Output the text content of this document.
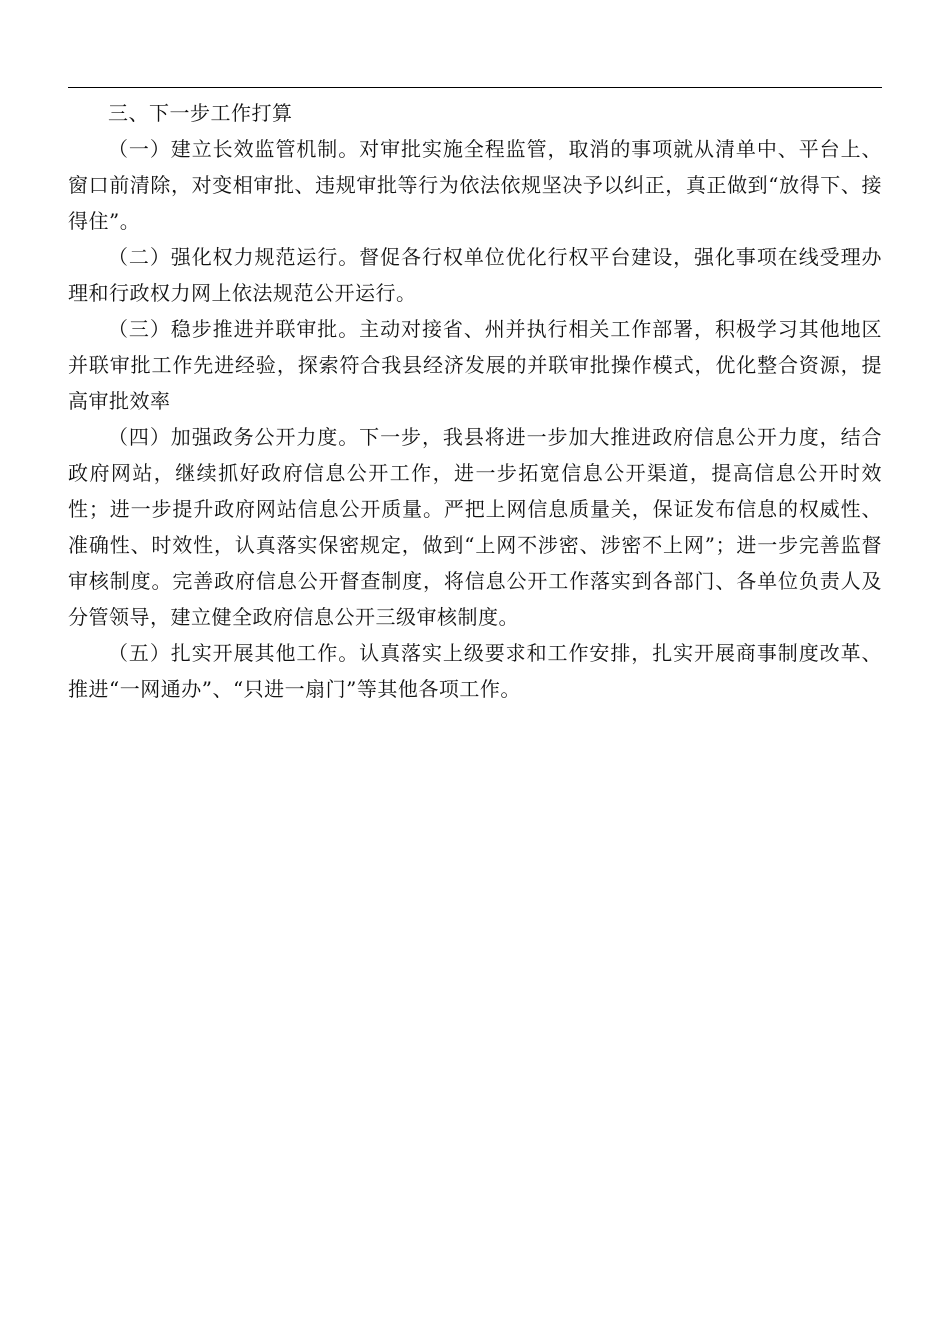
三、下一步工作打算

（一）建立长效监管机制。对审批实施全程监管，取消的事项就从清单中、平台上、窗口前清除，对变相审批、违规审批等行为依法依规坚决予以纠正，真正做到“放得下、接得住”。

（二）强化权力规范运行。督促各行权单位优化行权平台建设，强化事项在线受理办理和行政权力网上依法规范公开运行。

（三）稳步推进并联审批。主动对接省、州并执行相关工作部署，积极学习其他地区并联审批工作先进经验，探索符合我县经济发展的并联审批操作模式，优化整合资源，提高审批效率

（四）加强政务公开力度。下一步，我县将进一步加大推进政府信息公开力度，结合政府网站，继续抓好政府信息公开工作，进一步拓宽信息公开渠道，提高信息公开时效性；进一步提升政府网站信息公开质量。严把上网信息质量关，保证发布信息的权威性、准确性、时效性，认真落实保密规定，做到“上网不涉密、涉密不上网”；进一步完善监督审核制度。完善政府信息公开督查制度，将信息公开工作落实到各部门、各单位负责人及分管领导，建立健全政府信息公开三级审核制度。

（五）扎实开展其他工作。认真落实上级要求和工作安排，扎实开展商事制度改革、推进“一网通办”、“只进一扇门”等其他各项工作。
